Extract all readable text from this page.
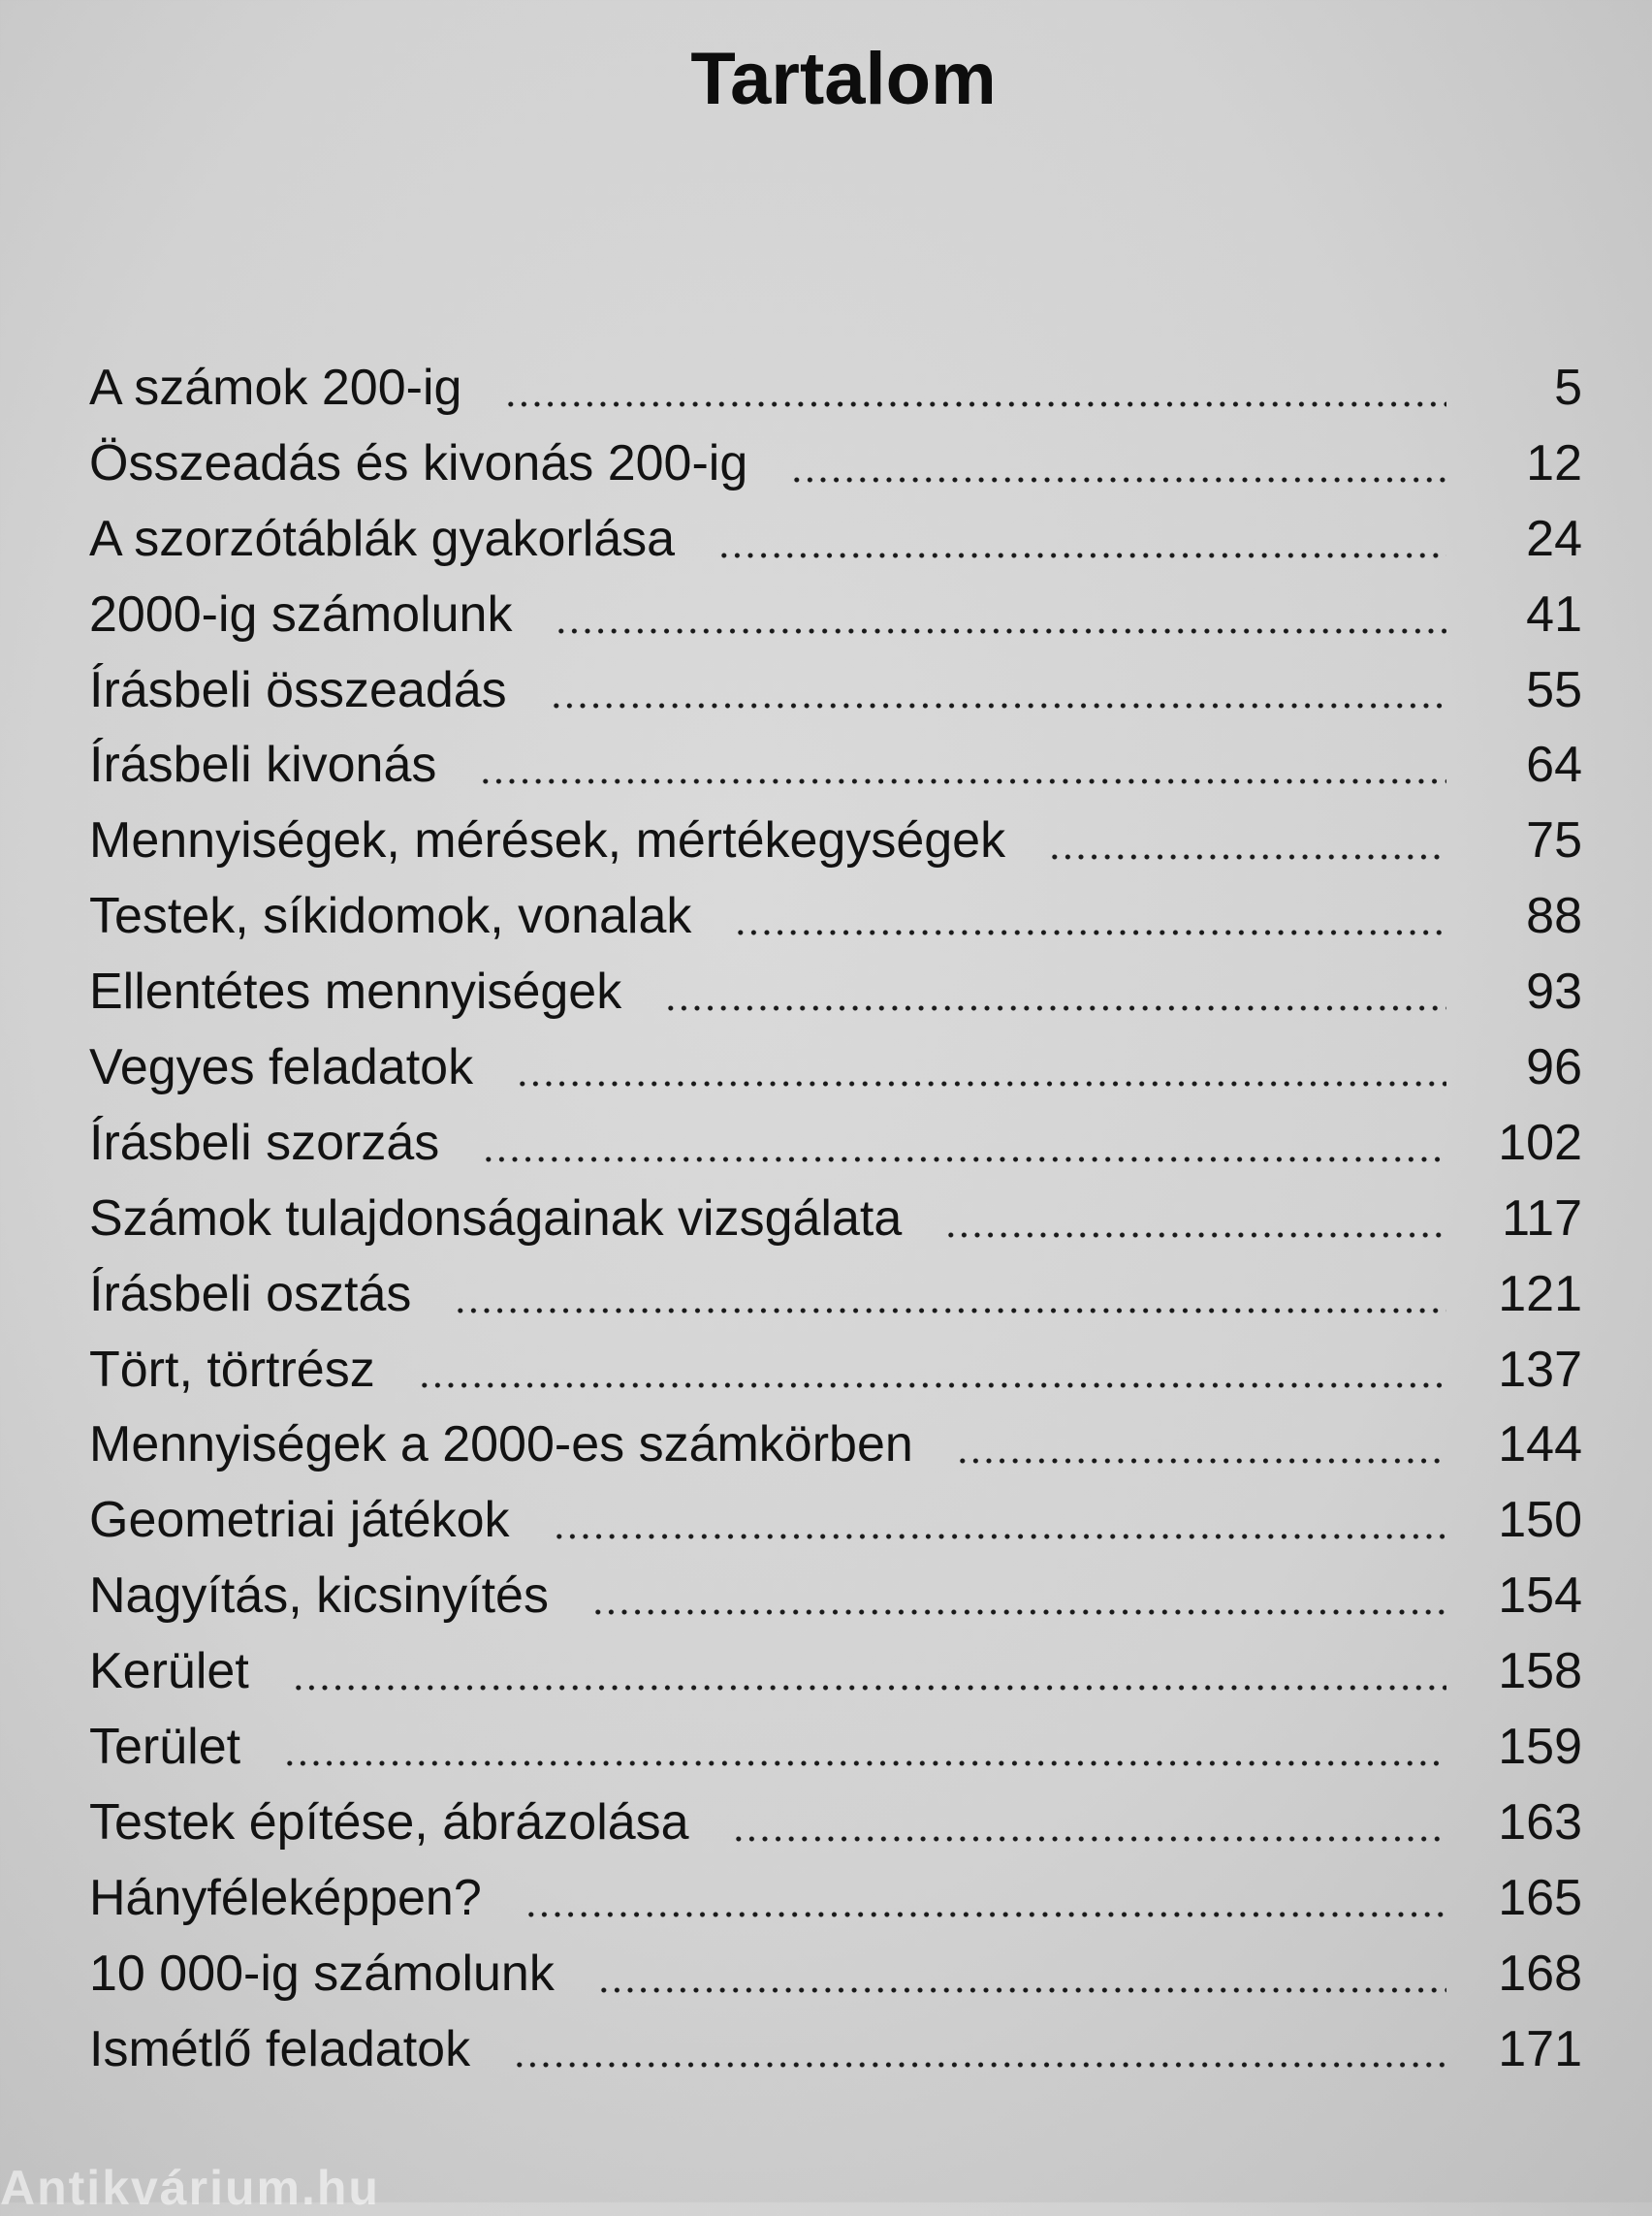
Tartalom
A számok 200-ig	5
Összeadás és kivonás 200-ig	12
A szorzótáblák gyakorlása	24
2000-ig számolunk	41
Írásbeli összeadás	55
Írásbeli kivonás	64
Mennyiségek, mérések, mértékegységek	75
Testek, síkidomok, vonalak	88
Ellentétes mennyiségek	93
Vegyes feladatok	96
Írásbeli szorzás	102
Számok tulajdonságainak vizsgálata	117
Írásbeli osztás	121
Tört, törtrész	137
Mennyiségek a 2000-es számkörben	144
Geometriai játékok	150
Nagyítás, kicsinyítés	154
Kerület	158
Terület	159
Testek építése, ábrázolása	163
Hányféleképpen?	165
10 000-ig számolunk	168
Ismétlő feladatok	171
Antikvárium.hu
